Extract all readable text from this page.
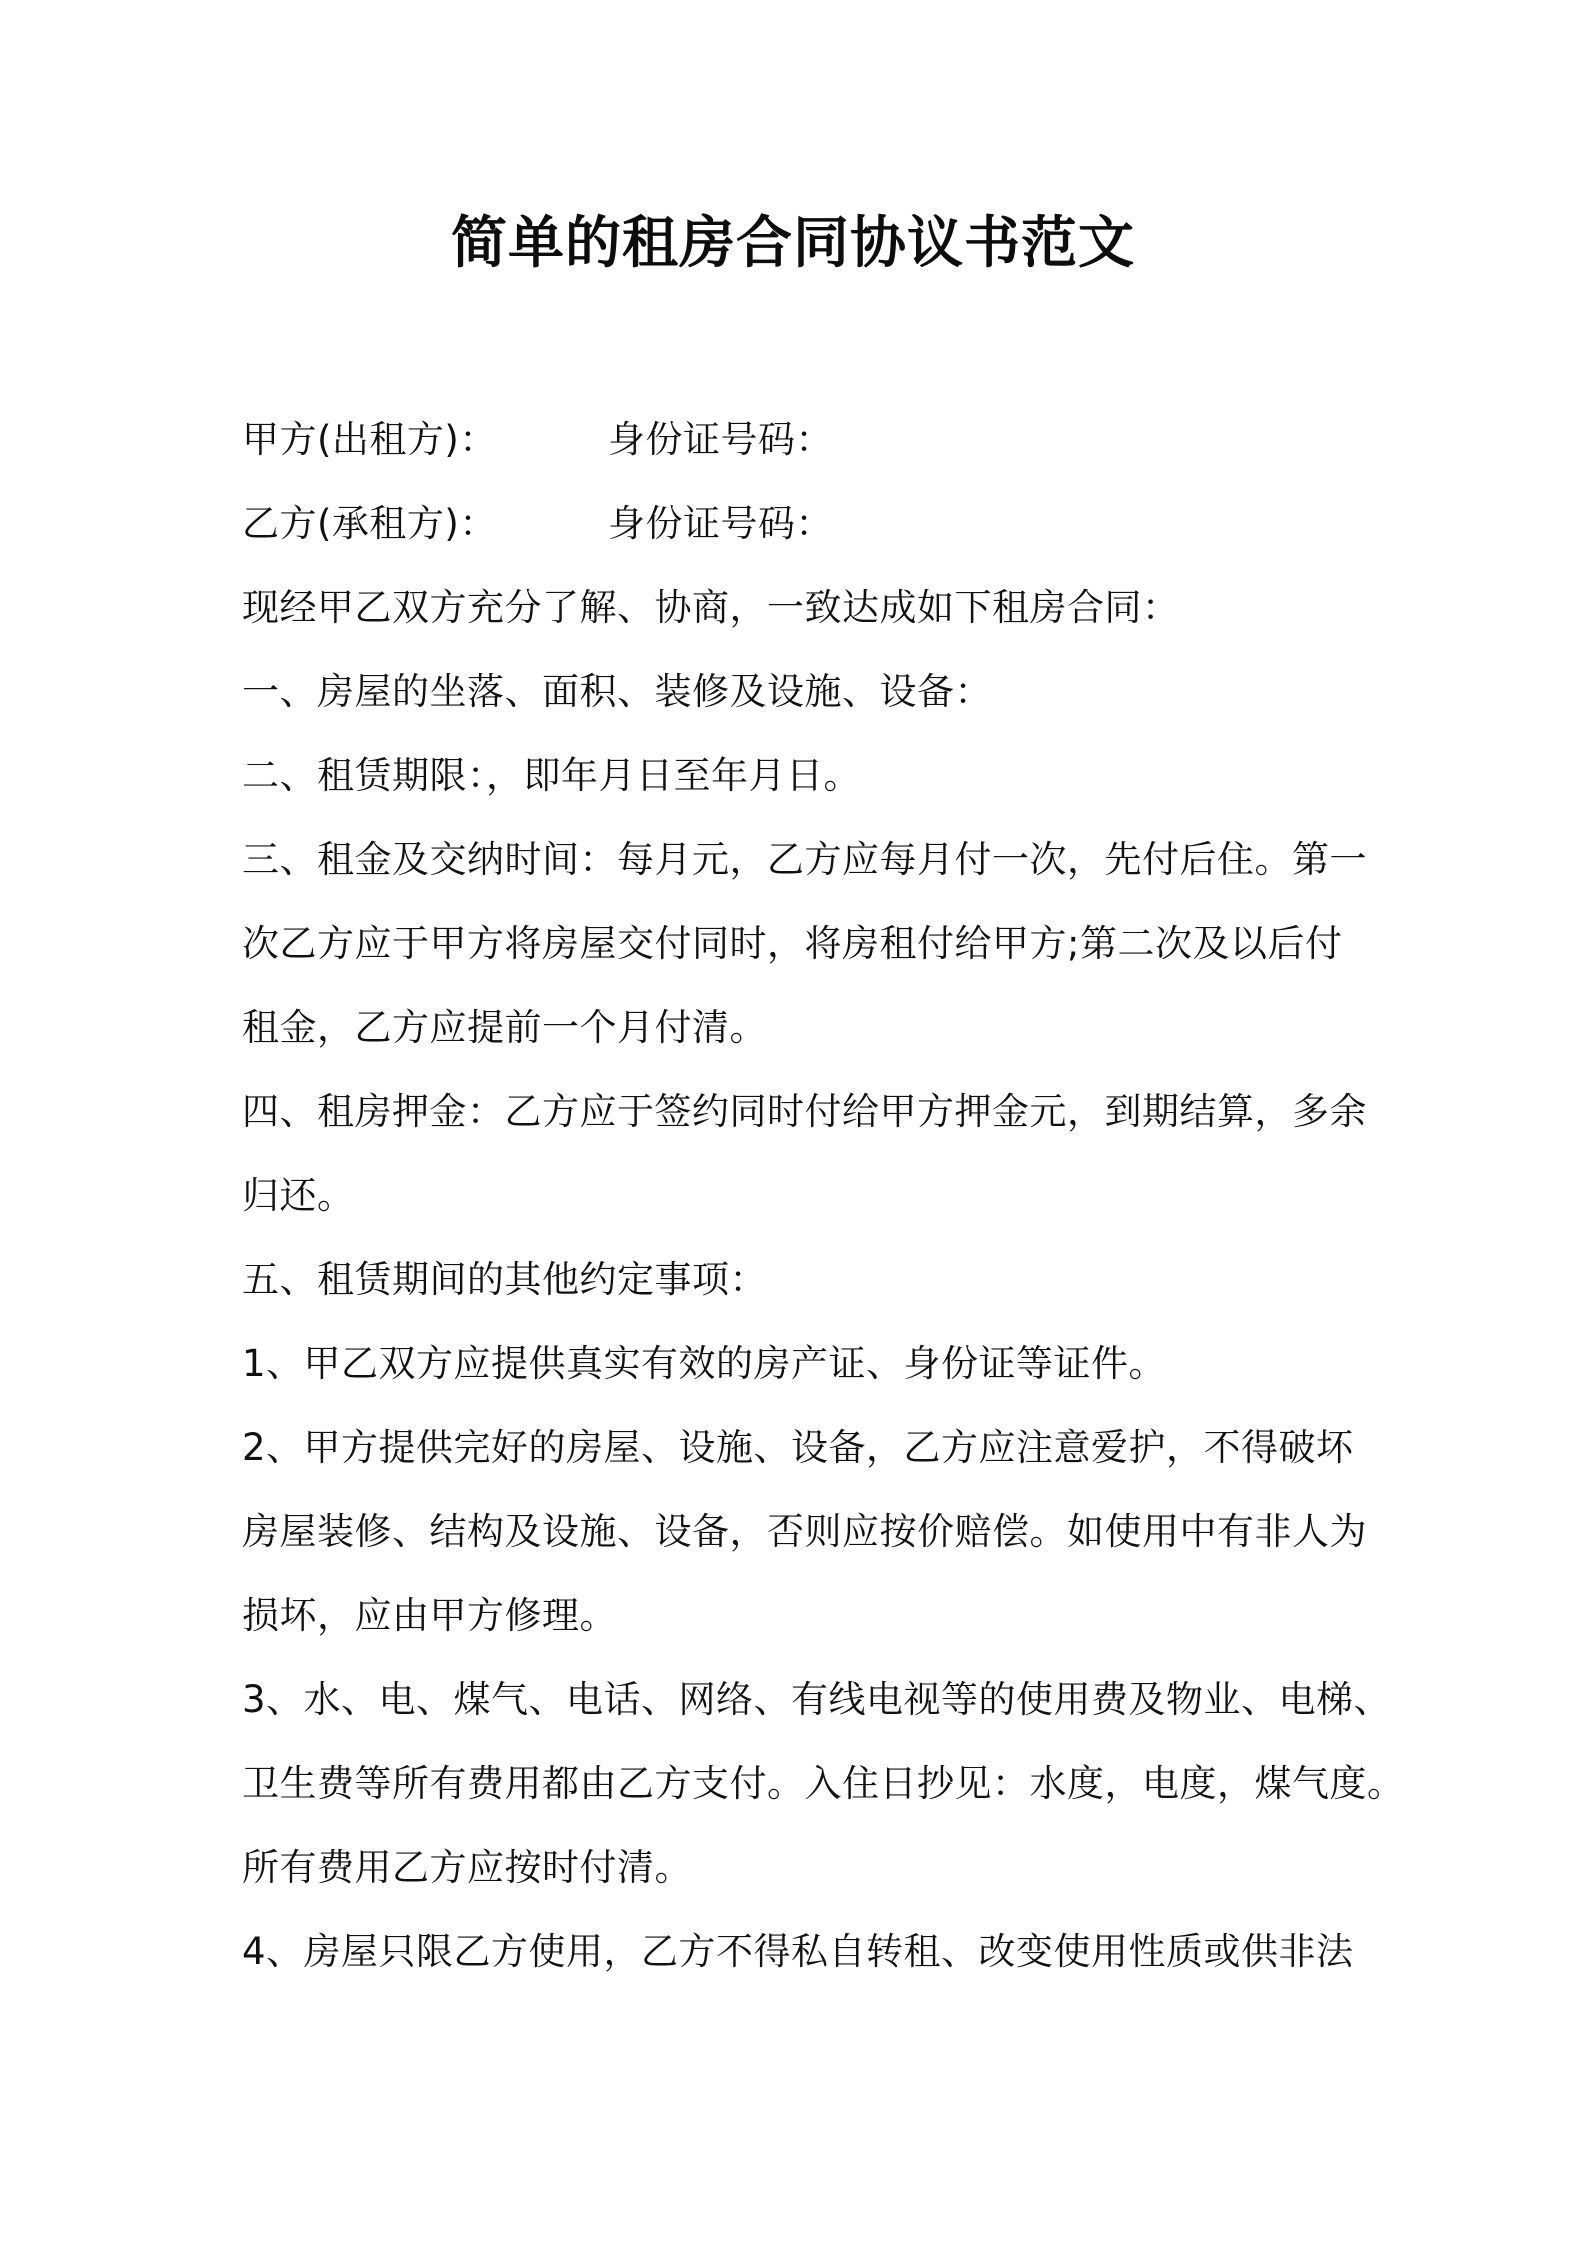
简单的租房合同协议书范文
甲方(出租方)：	身份证号码：
乙方(承租方)：	身份证号码：
现经甲乙双方充分了解、协商，一致达成如下租房合同：
一、房屋的坐落、面积、装修及设施、设备：
二、租赁期限：，即年月日至年月日。
三、租金及交纳时间：每月元，乙方应每月付一次，先付后住。第一
次乙方应于甲方将房屋交付同时，将房租付给甲方;第二次及以后付
租金，乙方应提前一个月付清。
四、租房押金：乙方应于签约同时付给甲方押金元，到期结算，多余
归还。
五、租赁期间的其他约定事项：
1、甲乙双方应提供真实有效的房产证、身份证等证件。
2、甲方提供完好的房屋、设施、设备，乙方应注意爱护，不得破坏
房屋装修、结构及设施、设备，否则应按价赔偿。如使用中有非人为
损坏，应由甲方修理。
3、水、电、煤气、电话、网络、有线电视等的使用费及物业、电梯、
卫生费等所有费用都由乙方支付。入住日抄见：水度，电度，煤气度。
所有费用乙方应按时付清。
4、房屋只限乙方使用，乙方不得私自转租、改变使用性质或供非法
